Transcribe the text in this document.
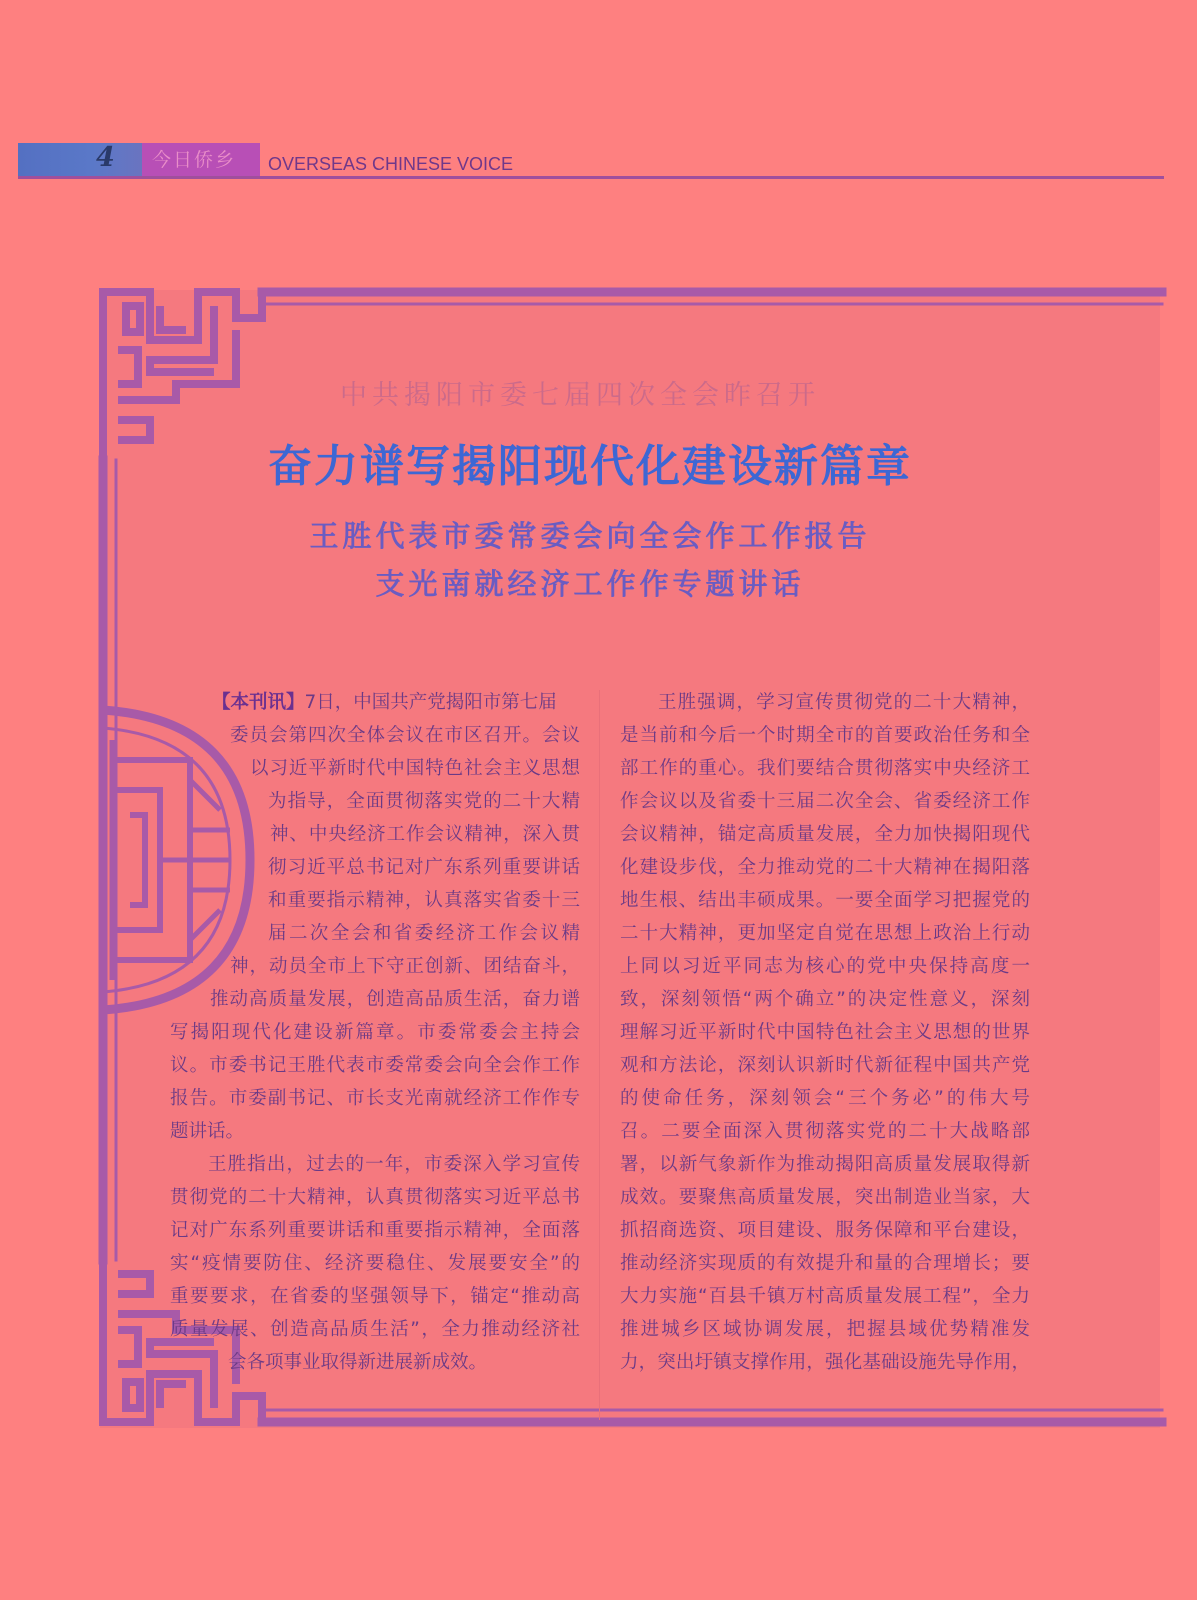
4	今日侨乡	OVERSEAS CHINESE VOICE
中共揭阳市委七届四次全会昨召开
奋力谱写揭阳现代化建设新篇章
王胜代表市委常委会向全会作工作报告
支光南就经济工作作专题讲话
【本刊讯】7日，中国共产党揭阳市第七届
委员会第四次全体会议在市区召开。会议
以习近平新时代中国特色社会主义思想
为指导，全面贯彻落实党的二十大精
神、中央经济工作会议精神，深入贯
彻习近平总书记对广东系列重要讲话
和重要指示精神，认真落实省委十三
届二次全会和省委经济工作会议精
神，动员全市上下守正创新、团结奋斗，
推动高质量发展，创造高品质生活，奋力谱
写揭阳现代化建设新篇章。市委常委会主持会
议。市委书记王胜代表市委常委会向全会作工作
报告。市委副书记、市长支光南就经济工作作专
题讲话。
王胜指出，过去的一年，市委深入学习宣传
贯彻党的二十大精神，认真贯彻落实习近平总书
记对广东系列重要讲话和重要指示精神，全面落
实“疫情要防住、经济要稳住、发展要安全”的
重要要求，在省委的坚强领导下，锚定“推动高
质量发展、创造高品质生活”，全力推动经济社
会各项事业取得新进展新成效。
王胜强调，学习宣传贯彻党的二十大精神，
是当前和今后一个时期全市的首要政治任务和全
部工作的重心。我们要结合贯彻落实中央经济工
作会议以及省委十三届二次全会、省委经济工作
会议精神，锚定高质量发展，全力加快揭阳现代
化建设步伐，全力推动党的二十大精神在揭阳落
地生根、结出丰硕成果。一要全面学习把握党的
二十大精神，更加坚定自觉在思想上政治上行动
上同以习近平同志为核心的党中央保持高度一
致，深刻领悟“两个确立”的决定性意义，深刻
理解习近平新时代中国特色社会主义思想的世界
观和方法论，深刻认识新时代新征程中国共产党
的使命任务，深刻领会“三个务必”的伟大号
召。二要全面深入贯彻落实党的二十大战略部
署，以新气象新作为推动揭阳高质量发展取得新
成效。要聚焦高质量发展，突出制造业当家，大
抓招商选资、项目建设、服务保障和平台建设，
推动经济实现质的有效提升和量的合理增长；要
大力实施“百县千镇万村高质量发展工程”，全力
推进城乡区域协调发展，把握县域优势精准发
力，突出圩镇支撑作用，强化基础设施先导作用，
